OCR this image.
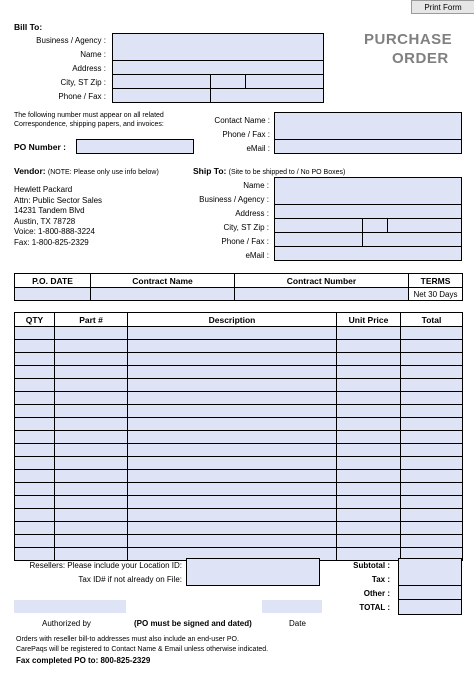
Print Form
Bill To:
Business / Agency :
Name :
Address :
City, ST Zip :
Phone / Fax :
PURCHASE
ORDER
The following number must appear on all related
Correspondence, shipping papers, and invoices:	Contact Name :
Phone / Fax :
eMail :
PO Number :
Vendor: (NOTE: Please only use info below)
Hewlett Packard
Attn: Public Sector Sales
14231 Tandem Blvd
Austin, TX 78728
Voice: 1-800-888-3224
Fax: 1-800-825-2329
Ship To: (Site to be shipped to / No PO Boxes)
Name :
Business / Agency :
Address :
City, ST Zip :
Phone / Fax :
eMail :
P.O. DATE	Contract Name	Contract Number	TERMS
			Net 30 Days
QTY	Part #	Description	Unit Price	Total

Resellers: Please include your Location ID:
Tax ID# if not already on File:
Subtotal :
Tax :
Other :
TOTAL :
Authorized by	(PO must be signed and dated)	Date
Orders with reseller bill-to addresses must also include an end-user PO.
CarePaqs will be registered to Contact Name & Email unless otherwise indicated.
Fax completed PO to: 800-825-2329
